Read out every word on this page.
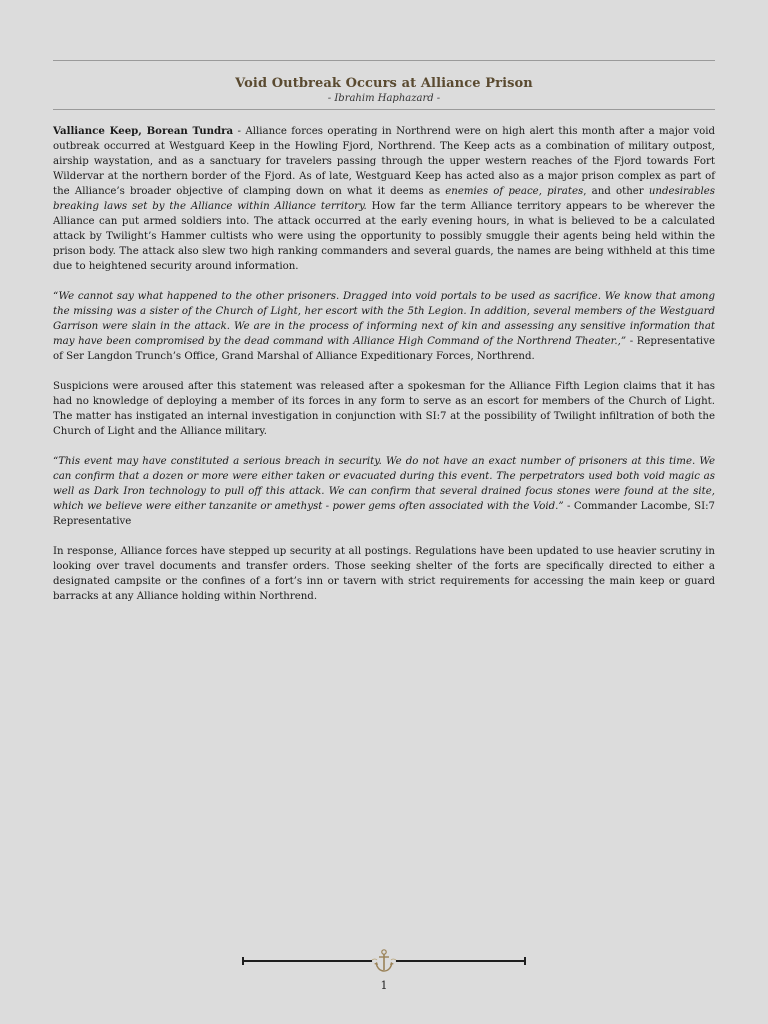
Void Outbreak Occurs at Alliance Prison
- Ibrahim Haphazard -

Valliance Keep, Borean Tundra - Alliance forces operating in Northrend were on high alert this month after a major void outbreak occurred at Westguard Keep in the Howling Fjord, Northrend. The Keep acts as a combination of military outpost, airship waystation, and as a sanctuary for travelers passing through the upper western reaches of the Fjord towards Fort Wildervar at the northern border of the Fjord. As of late, Westguard Keep has acted also as a major prison complex as part of the Alliance’s broader objective of clamping down on what it deems as enemies of peace, pirates, and other undesirables breaking laws set by the Alliance within Alliance territory. How far the term Alliance territory appears to be wherever the Alliance can put armed soldiers into. The attack occurred at the early evening hours, in what is believed to be a calculated attack by Twilight’s Hammer cultists who were using the opportunity to possibly smuggle their agents being held within the prison body. The attack also slew two high ranking commanders and several guards, the names are being withheld at this time due to heightened security around information.

“We cannot say what happened to the other prisoners. Dragged into void portals to be used as sacrifice. We know that among the missing was a sister of the Church of Light, her escort with the 5th Legion. In addition, several members of the Westguard Garrison were slain in the attack. We are in the process of informing next of kin and assessing any sensitive information that may have been compromised by the dead command with Alliance High Command of the Northrend Theater.,” - Representative of Ser Langdon Trunch’s Office, Grand Marshal of Alliance Expeditionary Forces, Northrend.

Suspicions were aroused after this statement was released after a spokesman for the Alliance Fifth Legion claims that it has had no knowledge of deploying a member of its forces in any form to serve as an escort for members of the Church of Light. The matter has instigated an internal investigation in conjunction with SI:7 at the possibility of Twilight infiltration of both the Church of Light and the Alliance military.

“This event may have constituted a serious breach in security. We do not have an exact number of prisoners at this time. We can confirm that a dozen or more were either taken or evacuated during this event. The perpetrators used both void magic as well as Dark Iron technology to pull off this attack. We can confirm that several drained focus stones were found at the site, which we believe were either tanzanite or amethyst - power gems often associated with the Void.” - Commander Lacombe, SI:7 Representative

In response, Alliance forces have stepped up security at all postings. Regulations have been updated to use heavier scrutiny in looking over travel documents and transfer orders. Those seeking shelter of the forts are specifically directed to either a designated campsite or the confines of a fort’s inn or tavern with strict requirements for accessing the main keep or guard barracks at any Alliance holding within Northrend.

1
